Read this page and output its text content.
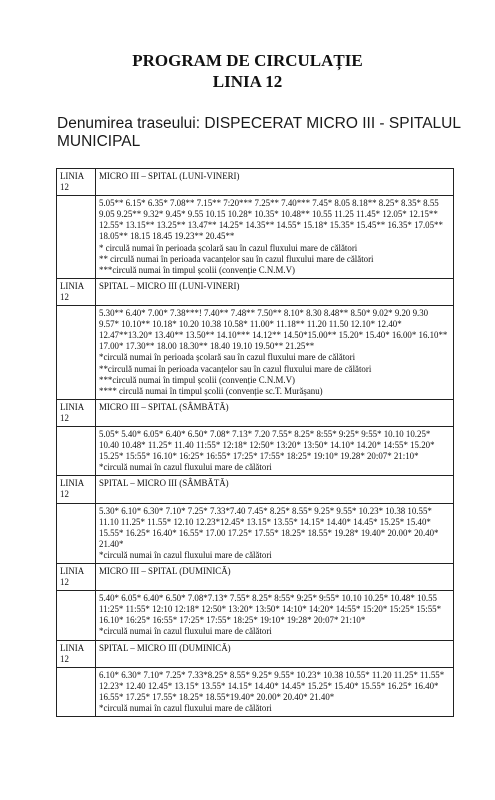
PROGRAM DE CIRCULAȚIE
LINIA 12
Denumirea traseului: DISPECERAT MICRO III - SPITALUL MUNICIPAL
LINIA 12	MICRO III – SPITAL (LUNI-VINERI)

	5.05** 6.15* 6.35* 7.08** 7.15** 7:20*** 7.25** 7.40*** 7.45* 8.05 8.18** 8.25* 8.35* 8.55 9.05 9.25** 9.32* 9.45* 9.55 10.15 10.28* 10.35* 10.48** 10.55 11.25 11.45* 12.05* 12.15** 12.55* 13.15** 13.25** 13.47** 14.25* 14.35** 14.55* 15.18* 15.35* 15.45** 16.35* 17.05** 18.05** 18.15 18.45 19.23** 20.45**
* circulă numai în perioada școlară sau în cazul fluxului mare de călători
** circulă numai în perioada vacanțelor sau în cazul fluxului mare de călători
***circulă numai în timpul școlii (convenție C.N.M.V)

LINIA 12	SPITAL – MICRO III (LUNI-VINERI)

	5.30** 6.40* 7.00* 7.38***! 7.40** 7.48** 7.50** 8.10* 8.30 8.48** 8.50* 9.02* 9.20 9.30 9.57* 10.10** 10.18* 10.20 10.38 10.58* 11.00* 11.18** 11.20 11.50 12.10* 12.40* 12.47**13.20* 13.40** 13.50** 14.10*** 14.12** 14.50*15.00** 15.20* 15.40* 16.00* 16.10** 17.00* 17.30** 18.00 18.30** 18.40 19.10 19.50** 21.25**
*circulă numai în perioada școlară sau în cazul fluxului mare de călători
**circulă numai în perioada vacanțelor sau în cazul fluxului mare de călători
***circulă numai în timpul școlii (convenție C.N.M.V)
**** circulă numai în timpul școlii (convenție sc.T. Murășanu)

LINIA 12	MICRO III – SPITAL (SÂMBĂTĂ)

	5.05* 5.40* 6.05* 6.40* 6.50* 7.08* 7.13* 7.20 7.55* 8.25* 8:55* 9:25* 9:55* 10.10 10.25* 10.40 10.48* 11.25* 11.40 11:55* 12:18* 12:50* 13:20* 13:50* 14.10* 14.20* 14:55* 15.20* 15.25* 15:55* 16.10* 16:25* 16:55* 17:25* 17:55* 18:25* 19:10* 19.28* 20:07* 21:10*
*circulă numai în cazul fluxului mare de călători

LINIA 12	SPITAL – MICRO III (SÂMBĂTĂ)

	5.30* 6.10* 6.30* 7.10* 7.25* 7.33*7.40 7.45* 8.25* 8.55* 9.25* 9.55* 10.23* 10.38 10.55* 11.10 11.25* 11.55* 12.10 12.23*12.45* 13.15* 13.55* 14.15* 14.40* 14.45* 15.25* 15.40* 15.55* 16.25* 16.40* 16.55* 17.00 17.25* 17.55* 18.25* 18.55* 19.28* 19.40* 20.00* 20.40* 21.40*
*circulă numai în cazul fluxului mare de călători

LINIA 12	MICRO III – SPITAL (DUMINICĂ)

	5.40* 6.05* 6.40* 6.50* 7.08*7.13* 7.55* 8.25* 8:55* 9:25* 9:55* 10.10 10.25* 10.48* 10.55 11:25* 11:55* 12:10 12:18* 12:50* 13:20* 13:50* 14:10* 14:20* 14:55* 15:20* 15:25* 15:55* 16.10* 16:25* 16:55* 17:25* 17:55* 18:25* 19:10* 19:28* 20:07* 21:10*
*circulă numai în cazul fluxului mare de călători

LINIA 12	SPITAL – MICRO III (DUMINICĂ)

	6.10* 6.30* 7.10* 7.25* 7.33*8.25* 8.55* 9.25* 9.55* 10.23* 10.38 10.55* 11.20 11.25* 11.55* 12.23* 12.40 12.45* 13.15* 13.55* 14.15* 14.40* 14.45* 15.25* 15.40* 15.55* 16.25* 16.40* 16.55* 17.25* 17.55* 18.25* 18.55*19.40* 20.00* 20.40* 21.40*
*circulă numai în cazul fluxului mare de călători
